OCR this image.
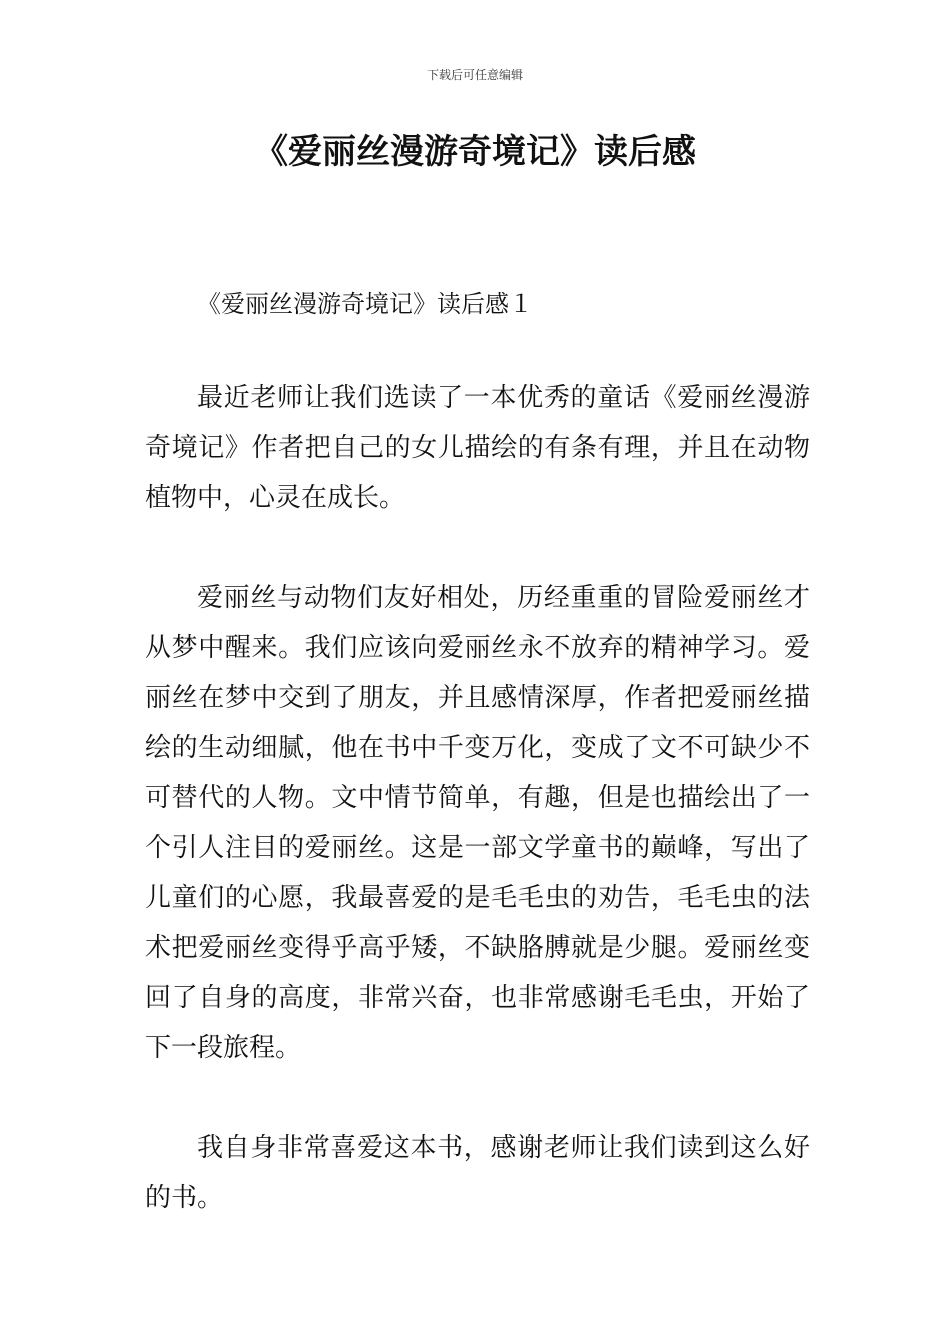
下载后可任意编辑
《爱丽丝漫游奇境记》读后感
《爱丽丝漫游奇境记》读后感１

最近老师让我们选读了一本优秀的童话《爱丽丝漫游奇境记》作者把自己的女儿描绘的有条有理，并且在动物植物中，心灵在成长。

爱丽丝与动物们友好相处，历经重重的冒险爱丽丝才从梦中醒来。我们应该向爱丽丝永不放弃的精神学习。爱丽丝在梦中交到了朋友，并且感情深厚，作者把爱丽丝描绘的生动细腻，他在书中千变万化，变成了文不可缺少不可替代的人物。文中情节简单，有趣，但是也描绘出了一个引人注目的爱丽丝。这是一部文学童书的巅峰，写出了儿童们的心愿，我最喜爱的是毛毛虫的劝告，毛毛虫的法术把爱丽丝变得乎高乎矮，不缺胳膊就是少腿。爱丽丝变回了自身的高度，非常兴奋，也非常感谢毛毛虫，开始了下一段旅程。

我自身非常喜爱这本书，感谢老师让我们读到这么好的书。
